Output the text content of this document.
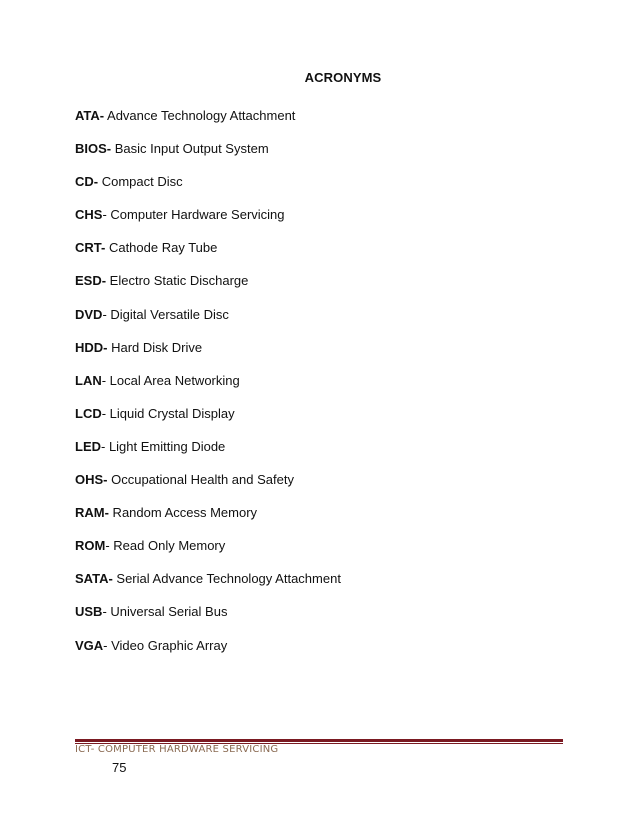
ACRONYMS
ATA- Advance Technology Attachment
BIOS- Basic Input Output System
CD- Compact Disc
CHS- Computer Hardware Servicing
CRT- Cathode Ray Tube
ESD- Electro Static Discharge
DVD- Digital Versatile Disc
HDD- Hard Disk Drive
LAN- Local Area Networking
LCD- Liquid Crystal Display
LED- Light Emitting Diode
OHS- Occupational Health and Safety
RAM- Random Access Memory
ROM- Read Only Memory
SATA- Serial Advance Technology Attachment
USB- Universal Serial Bus
VGA- Video Graphic Array
ICT- COMPUTER HARDWARE SERVICING
75
